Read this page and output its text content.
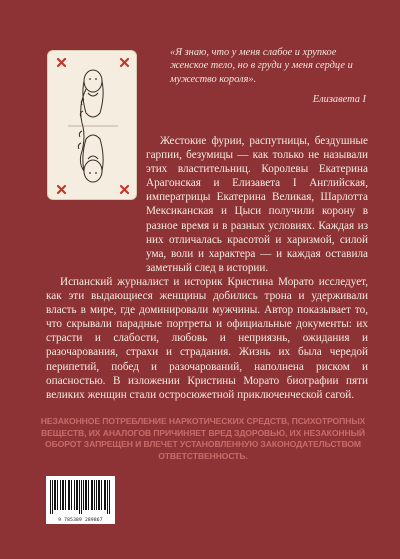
«Я знаю, что у меня слабое и хрупкое женское тело, но в груди у меня сердце и мужество короля».

Елизавета I

Жестокие фурии, распутницы, бездушные гарпии, безумицы — как только не называли этих властительниц. Королевы Екатерина Арагонская и Елизавета I Английская, императрицы Екатерина Великая, Шарлотта Мексиканская и Цыси получили корону в разное время и в разных условиях. Каждая из них отличалась красотой и харизмой, силой ума, воли и характера — и каждая оставила заметный след в истории.

Испанский журналист и историк Кристина Морато исследует, как эти выдающиеся женщины добились трона и удерживали власть в мире, где доминировали мужчины. Автор показывает то, что скрывали парадные портреты и официальные документы: их страсти и слабости, любовь и неприязнь, ожидания и разочарования, страхи и страдания. Жизнь их была чередой перипетий, побед и разочарований, наполнена риском и опасностью. В изложении Кристины Морато биографии пяти великих женщин стали остросюжетной приключенческой сагой.

НЕЗАКОННОЕ ПОТРЕБЛЕНИЕ НАРКОТИЧЕСКИХ СРЕДСТВ, ПСИХОТРОПНЫХ ВЕЩЕСТВ, ИХ АНАЛОГОВ ПРИЧИНЯЕТ ВРЕД ЗДОРОВЬЮ, ИХ НЕЗАКОННЫЙ ОБОРОТ ЗАПРЕЩЕН И ВЛЕЧЕТ УСТАНОВЛЕННУЮ ЗАКОНОДАТЕЛЬСТВОМ ОТВЕТСТВЕННОСТЬ.
9 785389 289867
